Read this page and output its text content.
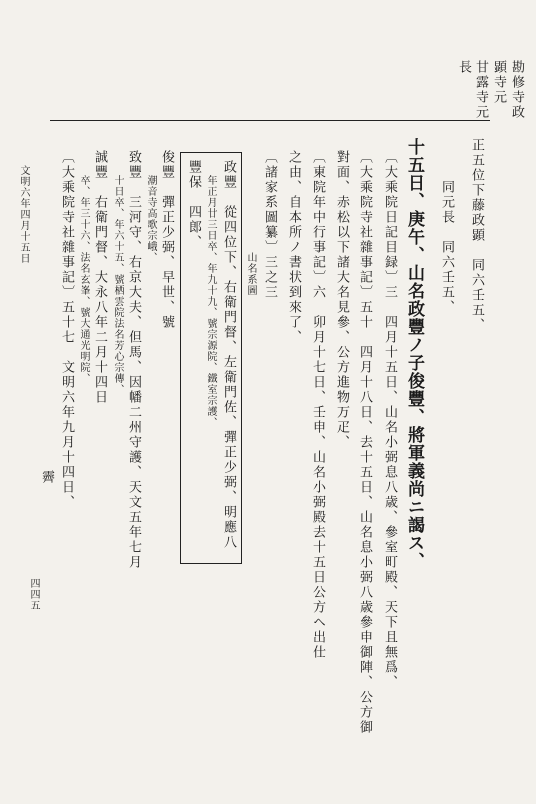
勘修寺政
顕寺元
甘露寺元
長
正五位下藤政顕　同六壬五、
同元長　同六壬五、
十五日、庚午、山名政豐ノ子俊豐、將軍義尚ニ謁ス、
〔大乘院日記目録〕三　四月十五日、山名小弼息八歳、參室町殿、天下且無爲、
〔大乘院寺社雜事記〕五十　四月十八日、去十五日、山名息小弼八歳參申御陣、公方御
對面、赤松以下諸大名見參、公方進物万疋、
〔東院年中行事記〕六　卯月十七日、壬申、山名小弼殿去十五日公方ヘ出仕
之由、自本所ノ書状到來了、
〔諸家系圖纂〕三之三
山名系圖
政豐　從四位下、右衛門督、左衛門佐、彈正少弼、明應八
年正月廿三日卒、年九十九、號宗源院、鐵室宗護、
豐保　四郎、
俊豐　彈正少弼、早世、號
潮音寺高歌宗峨、
致豐　三河守、右京大夫、但馬、因幡二州守護、天文五年七月
十日卒、年六十五、號栖雲院法名芳心宗傳、
誠豐　右衛門督、大永八年二月十四日
卒、年三十六、法名玄峯、號大通光明院、
〔大乘院寺社雜事記〕五十七　文明六年九月十四日、
霽
文明六年四月十五日
四四五
